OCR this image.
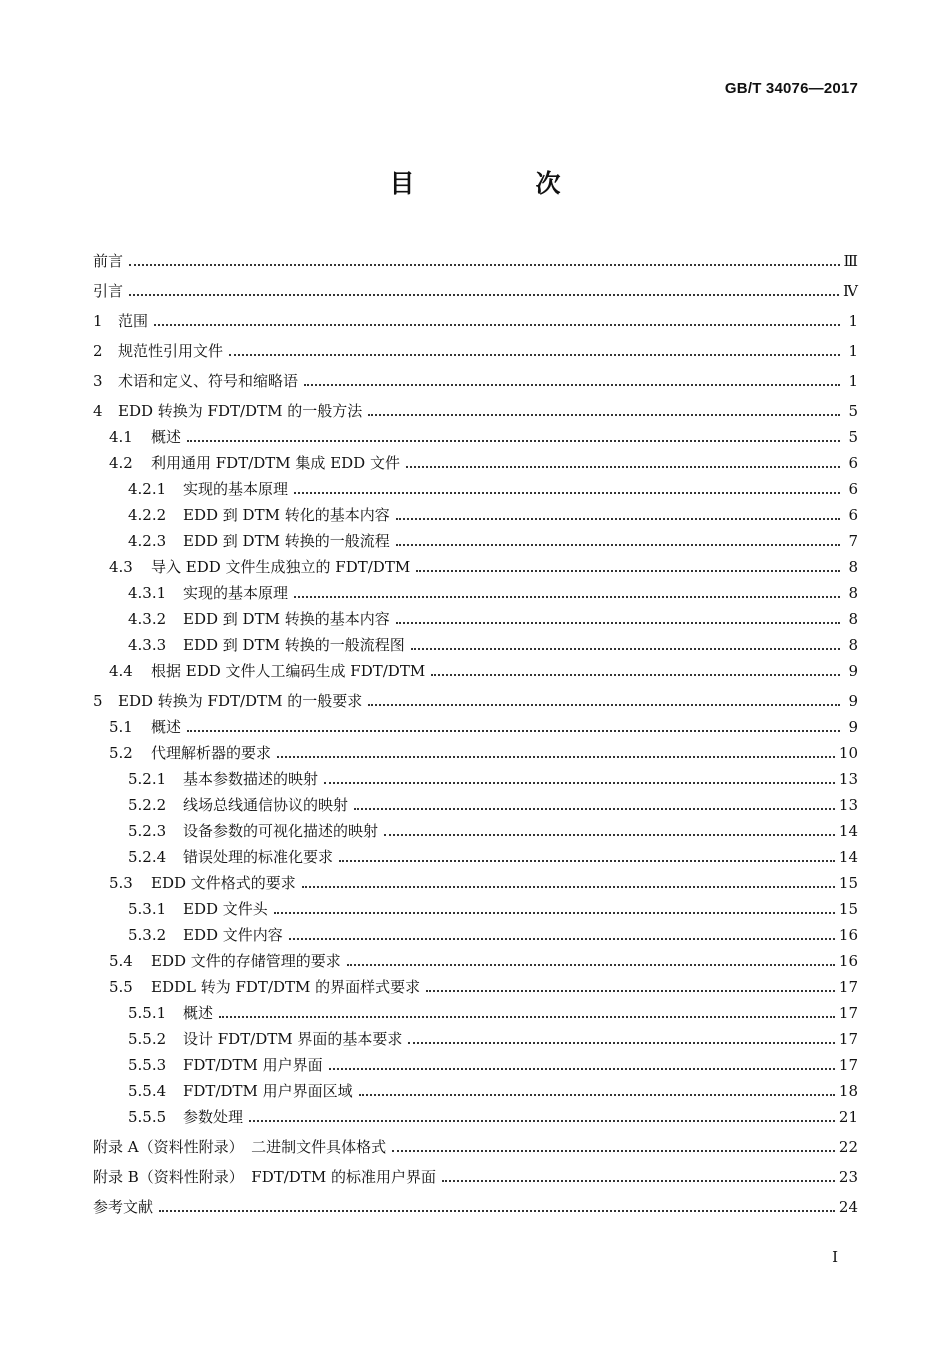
GB/T 34076—2017
目　次
前言	Ⅲ
引言	Ⅳ
1	范围	1
2	规范性引用文件	1
3	术语和定义、符号和缩略语	1
4	EDD 转换为 FDT/DTM 的一般方法	5
4.1	概述	5
4.2	利用通用 FDT/DTM 集成 EDD 文件	6
4.2.1	实现的基本原理	6
4.2.2	EDD 到 DTM 转化的基本内容	6
4.2.3	EDD 到 DTM 转换的一般流程	7
4.3	导入 EDD 文件生成独立的 FDT/DTM	8
4.3.1	实现的基本原理	8
4.3.2	EDD 到 DTM 转换的基本内容	8
4.3.3	EDD 到 DTM 转换的一般流程图	8
4.4	根据 EDD 文件人工编码生成 FDT/DTM	9
5	EDD 转换为 FDT/DTM 的一般要求	9
5.1	概述	9
5.2	代理解析器的要求	10
5.2.1	基本参数描述的映射	13
5.2.2	线场总线通信协议的映射	13
5.2.3	设备参数的可视化描述的映射	14
5.2.4	错误处理的标准化要求	14
5.3	EDD 文件格式的要求	15
5.3.1	EDD 文件头	15
5.3.2	EDD 文件内容	16
5.4	EDD 文件的存储管理的要求	16
5.5	EDDL 转为 FDT/DTM 的界面样式要求	17
5.5.1	概述	17
5.5.2	设计 FDT/DTM 界面的基本要求	17
5.5.3	FDT/DTM 用户界面	17
5.5.4	FDT/DTM 用户界面区域	18
5.5.5	参数处理	21
附录 A（资料性附录）　二进制文件具体格式	22
附录 B（资料性附录）　FDT/DTM 的标准用户界面	23
参考文献	24
I
